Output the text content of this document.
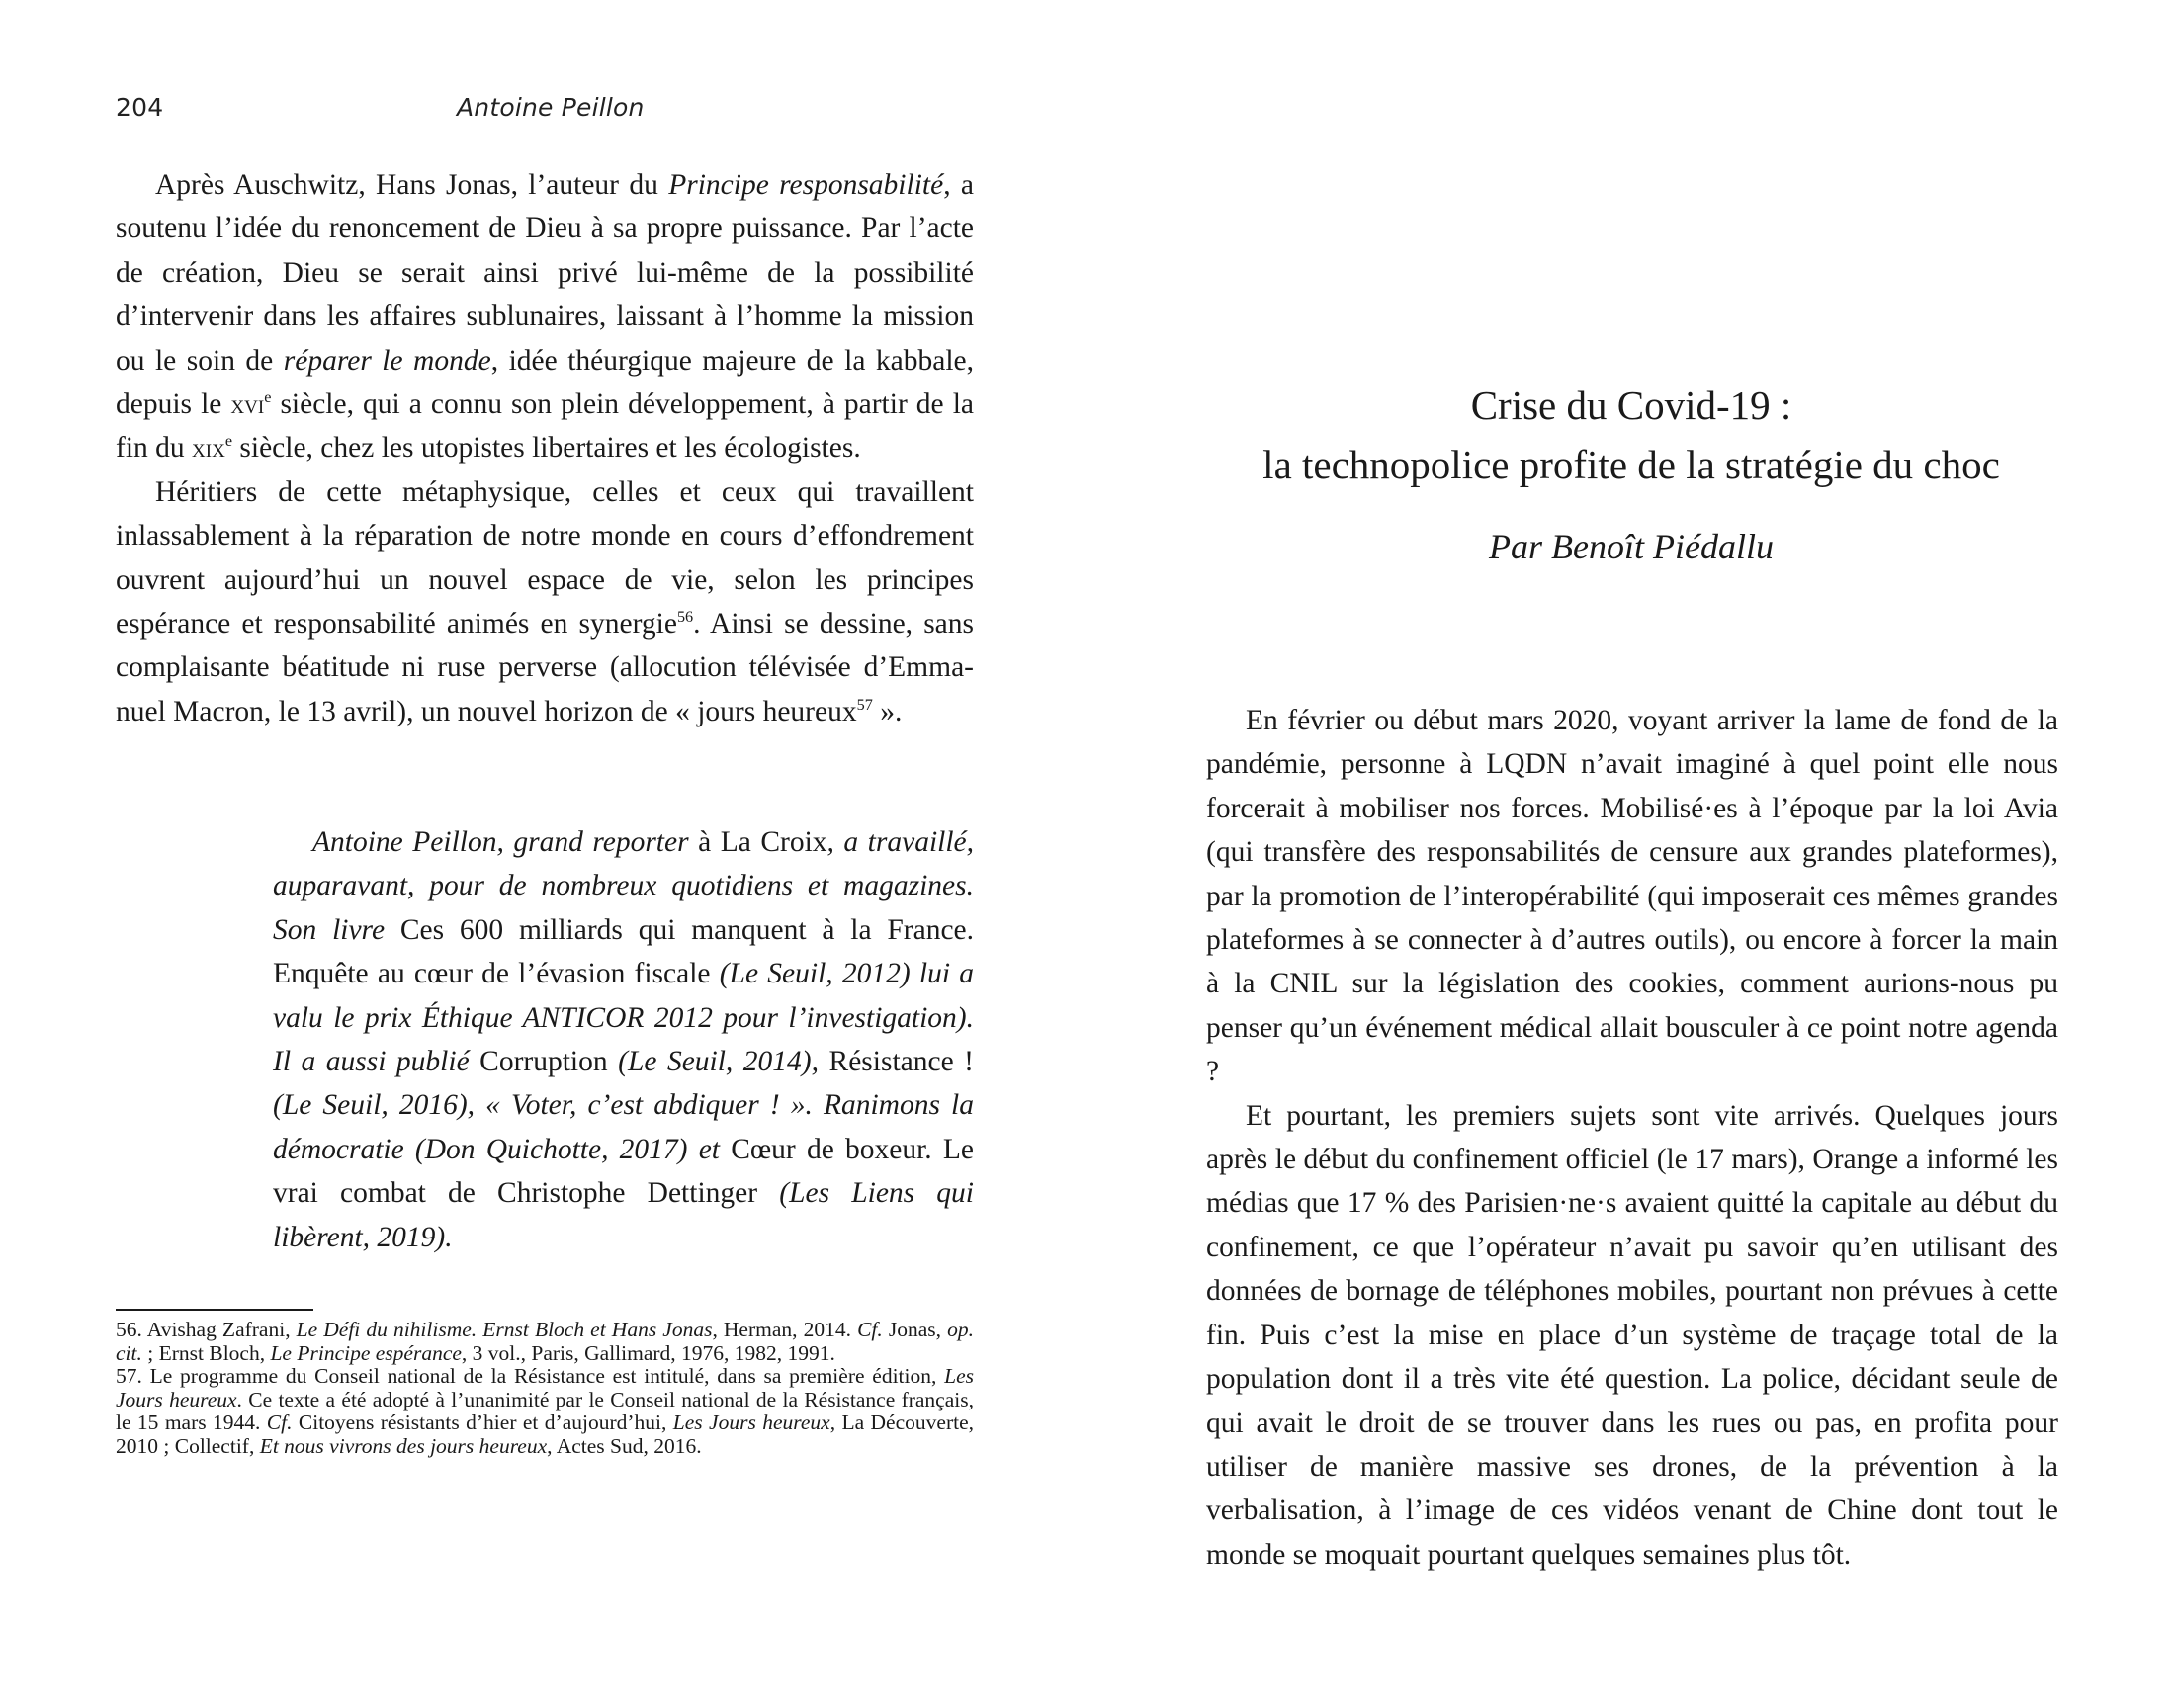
204	Antoine Peillon

Après Auschwitz, Hans Jonas, l’auteur du Principe responsabilité, a soutenu l’idée du renoncement de Dieu à sa propre puissance. Par l’acte de création, Dieu se serait ainsi privé lui-même de la possibilité d’intervenir dans les affaires sublunaires, laissant à l’homme la mission ou le soin de réparer le monde, idée théurgique majeure de la kabbale, depuis le xvi$^e$ siècle, qui a connu son plein développement, à partir de la fin du xix$^e$ siècle, chez les utopistes libertaires et les écologistes.

Héritiers de cette métaphysique, celles et ceux qui travaillent inlassablement à la réparation de notre monde en cours d’effondrement ouvrent aujourd’hui un nouvel espace de vie, selon les principes espérance et responsabilité animés en synergie$^{56}$. Ainsi se dessine, sans complaisante béatitude ni ruse perverse (allocution télévisée d’Emmanuel Macron, le 13 avril), un nouvel horizon de « jours heureux$^{57}$ ».

Antoine Peillon, grand reporter à La Croix, a travaillé, auparavant, pour de nombreux quotidiens et magazines. Son livre Ces 600 milliards qui manquent à la France. Enquête au cœur de l’évasion fiscale (Le Seuil, 2012) lui a valu le prix Éthique ANTICOR 2012 pour l’investigation). Il a aussi publié Corruption (Le Seuil, 2014), Résistance ! (Le Seuil, 2016), « Voter, c’est abdiquer ! ». Ranimons la démocratie (Don Quichotte, 2017) et Cœur de boxeur. Le vrai combat de Christophe Dettinger (Les Liens qui libèrent, 2019).

56. Avishag Zafrani, Le Défi du nihilisme. Ernst Bloch et Hans Jonas, Herman, 2014. Cf. Jonas, op. cit. ; Ernst Bloch, Le Principe espérance, 3 vol., Paris, Gallimard, 1976, 1982, 1991.

57. Le programme du Conseil national de la Résistance est intitulé, dans sa première édition, Les Jours heureux. Ce texte a été adopté à l’unanimité par le Conseil national de la Résistance français, le 15 mars 1944. Cf. Citoyens résistants d’hier et d’aujourd’hui, Les Jours heureux, La Découverte, 2010 ; Collectif, Et nous vivrons des jours heureux, Actes Sud, 2016.

Crise du Covid-19 :
la technopolice profite de la stratégie du choc
Par Benoît Piédallu

En février ou début mars 2020, voyant arriver la lame de fond de la pandémie, personne à LQDN n’avait imaginé à quel point elle nous forcerait à mobiliser nos forces. Mobilisé·es à l’époque par la loi Avia (qui transfère des responsabilités de censure aux grandes plateformes), par la promotion de l’interopérabilité (qui imposerait ces mêmes grandes plateformes à se connecter à d’autres outils), ou encore à forcer la main à la CNIL sur la législation des cookies, comment aurions-nous pu penser qu’un événement médical allait bousculer à ce point notre agenda ?

Et pourtant, les premiers sujets sont vite arrivés. Quelques jours après le début du confinement officiel (le 17 mars), Orange a informé les médias que 17 % des Parisien·ne·s avaient quitté la capitale au début du confinement, ce que l’opérateur n’avait pu savoir qu’en utilisant des données de bornage de téléphones mobiles, pourtant non prévues à cette fin. Puis c’est la mise en place d’un système de traçage total de la population dont il a très vite été question. La police, décidant seule de qui avait le droit de se trouver dans les rues ou pas, en profita pour utiliser de manière massive ses drones, de la prévention à la verbalisation, à l’image de ces vidéos venant de Chine dont tout le monde se moquait pourtant quelques semaines plus tôt.
